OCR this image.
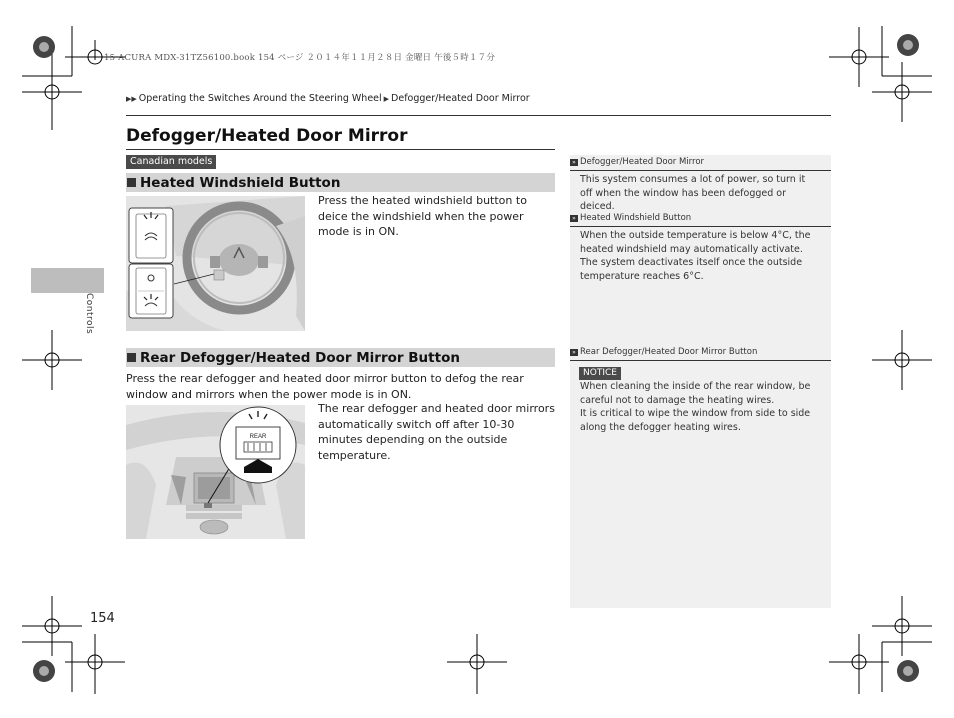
15 ACURA MDX-31TZ56100.book 154 ページ ２０１４年１１月２８日 金曜日 午後５時１７分
▶▶ Operating the Switches Around the Steering Wheel ▶ Defogger/Heated Door Mirror
Defogger/Heated Door Mirror
Canadian models
Heated Windshield Button
Press the heated windshield button to deice the windshield when the power mode is in ON.
Rear Defogger/Heated Door Mirror Button
Press the rear defogger and heated door mirror button to defog the rear window and mirrors when the power mode is in ON.
REAR
The rear defogger and heated door mirrors automatically switch off after 10-30 minutes depending on the outside temperature.
Controls
» Defogger/Heated Door Mirror
This system consumes a lot of power, so turn it off when the window has been defogged or deiced.
» Heated Windshield Button
When the outside temperature is below 4°C, the heated windshield may automatically activate. The system deactivates itself once the outside temperature reaches 6°C.
» Rear Defogger/Heated Door Mirror Button
NOTICE
When cleaning the inside of the rear window, be careful not to damage the heating wires.
It is critical to wipe the window from side to side along the defogger heating wires.
154
